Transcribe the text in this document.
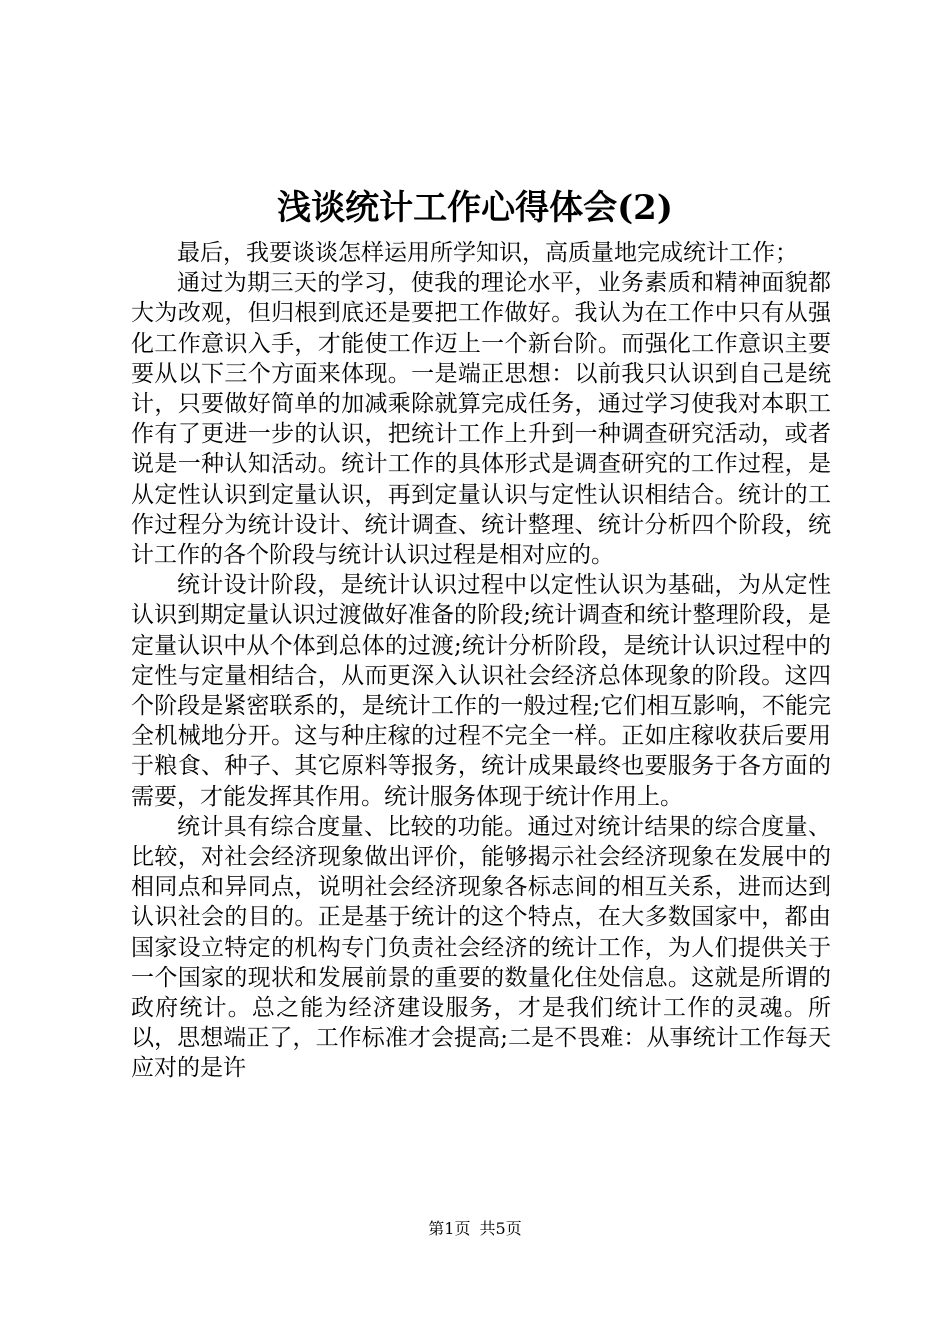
浅谈统计工作心得体会(2)

最后，我要谈谈怎样运用所学知识，高质量地完成统计工作；

通过为期三天的学习，使我的理论水平，业务素质和精神面貌都大为改观，但归根到底还是要把工作做好。我认为在工作中只有从强化工作意识入手，才能使工作迈上一个新台阶。而强化工作意识主要要从以下三个方面来体现。一是端正思想：以前我只认识到自己是统计，只要做好简单的加减乘除就算完成任务，通过学习使我对本职工作有了更进一步的认识，把统计工作上升到一种调查研究活动，或者说是一种认知活动。统计工作的具体形式是调查研究的工作过程，是从定性认识到定量认识，再到定量认识与定性认识相结合。统计的工作过程分为统计设计、统计调查、统计整理、统计分析四个阶段，统计工作的各个阶段与统计认识过程是相对应的。

统计设计阶段，是统计认识过程中以定性认识为基础，为从定性认识到期定量认识过渡做好准备的阶段;统计调查和统计整理阶段，是定量认识中从个体到总体的过渡;统计分析阶段，是统计认识过程中的定性与定量相结合，从而更深入认识社会经济总体现象的阶段。这四个阶段是紧密联系的，是统计工作的一般过程;它们相互影响，不能完全机械地分开。这与种庄稼的过程不完全一样。正如庄稼收获后要用于粮食、种子、其它原料等报务，统计成果最终也要服务于各方面的需要，才能发挥其作用。统计服务体现于统计作用上。

统计具有综合度量、比较的功能。通过对统计结果的综合度量、比较，对社会经济现象做出评价，能够揭示社会经济现象在发展中的相同点和异同点，说明社会经济现象各标志间的相互关系，进而达到认识社会的目的。正是基于统计的这个特点，在大多数国家中，都由国家设立特定的机构专门负责社会经济的统计工作，为人们提供关于一个国家的现状和发展前景的重要的数量化住处信息。这就是所谓的政府统计。总之能为经济建设服务，才是我们统计工作的灵魂。所以，思想端正了，工作标准才会提高;二是不畏难：从事统计工作每天应对的是许

第1页 共5页
